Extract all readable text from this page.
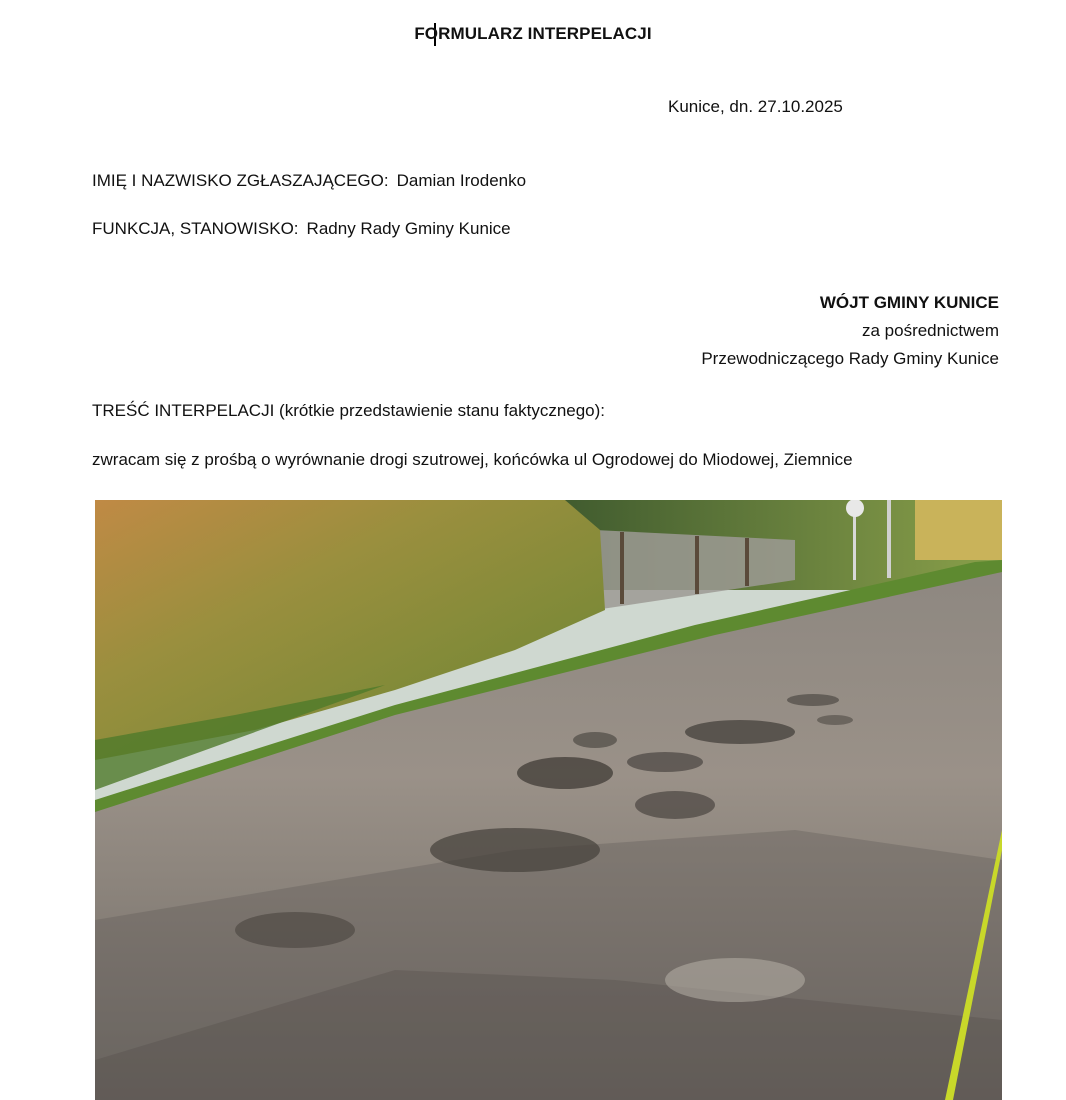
FORMULARZ INTERPELACJI
Kunice, dn. 27.10.2025
IMIĘ I NAZWISKO ZGŁASZAJĄCEGO: Damian Irodenko
FUNKCJA, STANOWISKO: Radny Rady Gminy Kunice
WÓJT GMINY KUNICE
za pośrednictwem
Przewodniczącego Rady Gminy Kunice
TREŚĆ INTERPELACJI (krótkie przedstawienie stanu faktycznego):
zwracam się z prośbą o wyrównanie drogi szutrowej, końcówka ul Ogrodowej do Miodowej, Ziemnice
